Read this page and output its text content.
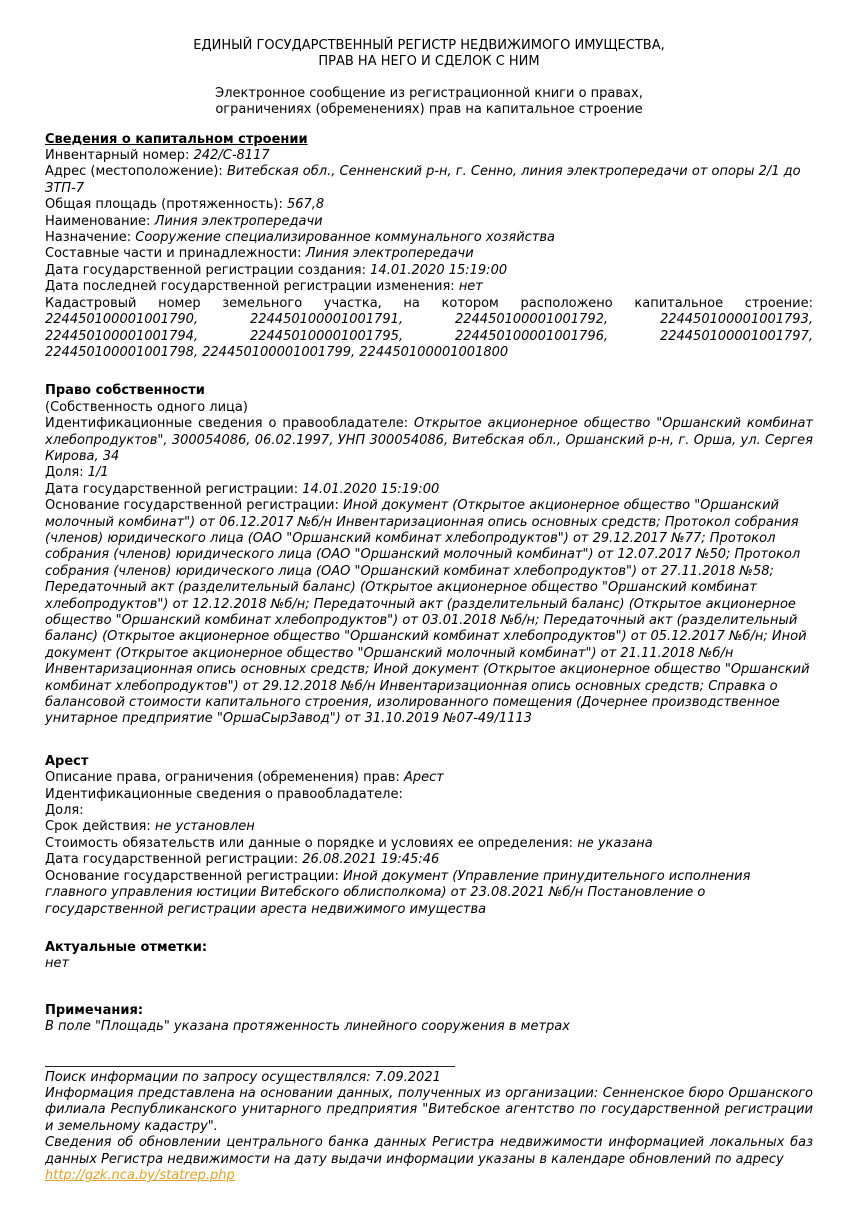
ЕДИНЫЙ ГОСУДАРСТВЕННЫЙ РЕГИСТР НЕДВИЖИМОГО ИМУЩЕСТВА,
ПРАВ НА НЕГО И СДЕЛОК С НИМ
Электронное сообщение из регистрационной книги о правах,
ограничениях (обременениях) прав на капитальное строение
Сведения о капитальном строении

Инвентарный номер: 242/С-8117

Адрес (местоположение): Витебская обл., Сенненский р-н, г. Сенно, линия электропередачи от опоры 2/1 до ЗТП-7

Общая площадь (протяженность): 567,8

Наименование: Линия электропередачи

Назначение: Сооружение специализированное коммунального хозяйства

Составные части и принадлежности: Линия электропередачи

Дата государственной регистрации создания: 14.01.2020 15:19:00

Дата последней государственной регистрации изменения: нет

Кадастровый номер земельного участка, на котором расположено капитальное строение: 224450100001001790, 224450100001001791, 224450100001001792, 224450100001001793, 224450100001001794, 224450100001001795, 224450100001001796, 224450100001001797, 224450100001001798, 224450100001001799, 224450100001001800

Право собственности

(Собственность одного лица)

Идентификационные сведения о правообладателе: Открытое акционерное общество "Оршанский комбинат хлебопродуктов", 300054086, 06.02.1997, УНП 300054086, Витебская обл., Оршанский р-н, г. Орша, ул. Сергея Кирова, 34

Доля: 1/1

Дата государственной регистрации: 14.01.2020 15:19:00

Основание государственной регистрации: Иной документ (Открытое акционерное общество "Оршанский молочный комбинат") от 06.12.2017 №б/н Инвентаризационная опись основных средств; Протокол собрания (членов) юридического лица (ОАО "Оршанский комбинат хлебопродуктов") от 29.12.2017 №77; Протокол собрания (членов) юридического лица (ОАО "Оршанский молочный комбинат") от 12.07.2017 №50; Протокол собрания (членов) юридического лица (ОАО "Оршанский комбинат хлебопродуктов") от 27.11.2018 №58; Передаточный акт (разделительный баланс) (Открытое акционерное общество "Оршанский комбинат хлебопродуктов") от 12.12.2018 №б/н; Передаточный акт (разделительный баланс) (Открытое акционерное общество "Оршанский комбинат хлебопродуктов") от 03.01.2018 №б/н; Передаточный акт (разделительный баланс) (Открытое акционерное общество "Оршанский комбинат хлебопродуктов") от 05.12.2017 №б/н; Иной документ (Открытое акционерное общество "Оршанский молочный комбинат") от 21.11.2018 №б/н Инвентаризационная опись основных средств; Иной документ (Открытое акционерное общество "Оршанский комбинат хлебопродуктов") от 29.12.2018 №б/н Инвентаризационная опись основных средств; Справка о балансовой стоимости капитального строения, изолированного помещения (Дочернее производственное унитарное предприятие "ОршаСырЗавод") от 31.10.2019 №07-49/1113

Арест

Описание права, ограничения (обременения) прав: Арест

Идентификационные сведения о правообладателе:

Доля:

Срок действия: не установлен

Стоимость обязательств или данные о порядке и условиях ее определения: не указана

Дата государственной регистрации: 26.08.2021 19:45:46

Основание государственной регистрации: Иной документ (Управление принудительного исполнения главного управления юстиции Витебского облисполкома) от 23.08.2021 №б/н Постановление о государственной регистрации ареста недвижимого имущества

Актуальные отметки:

нет

Примечания:

В поле "Площадь" указана протяженность линейного сооружения в метрах

Поиск информации по запросу осуществлялся: 7.09.2021

Информация представлена на основании данных, полученных из организации: Сенненское бюро Оршанского филиала Республиканского унитарного предприятия "Витебское агентство по государственной регистрации и земельному кадастру".

Сведения об обновлении центрального банка данных Регистра недвижимости информацией локальных баз данных Регистра недвижимости на дату выдачи информации указаны в календаре обновлений по адресу

http://gzk.nca.by/statrep.php
